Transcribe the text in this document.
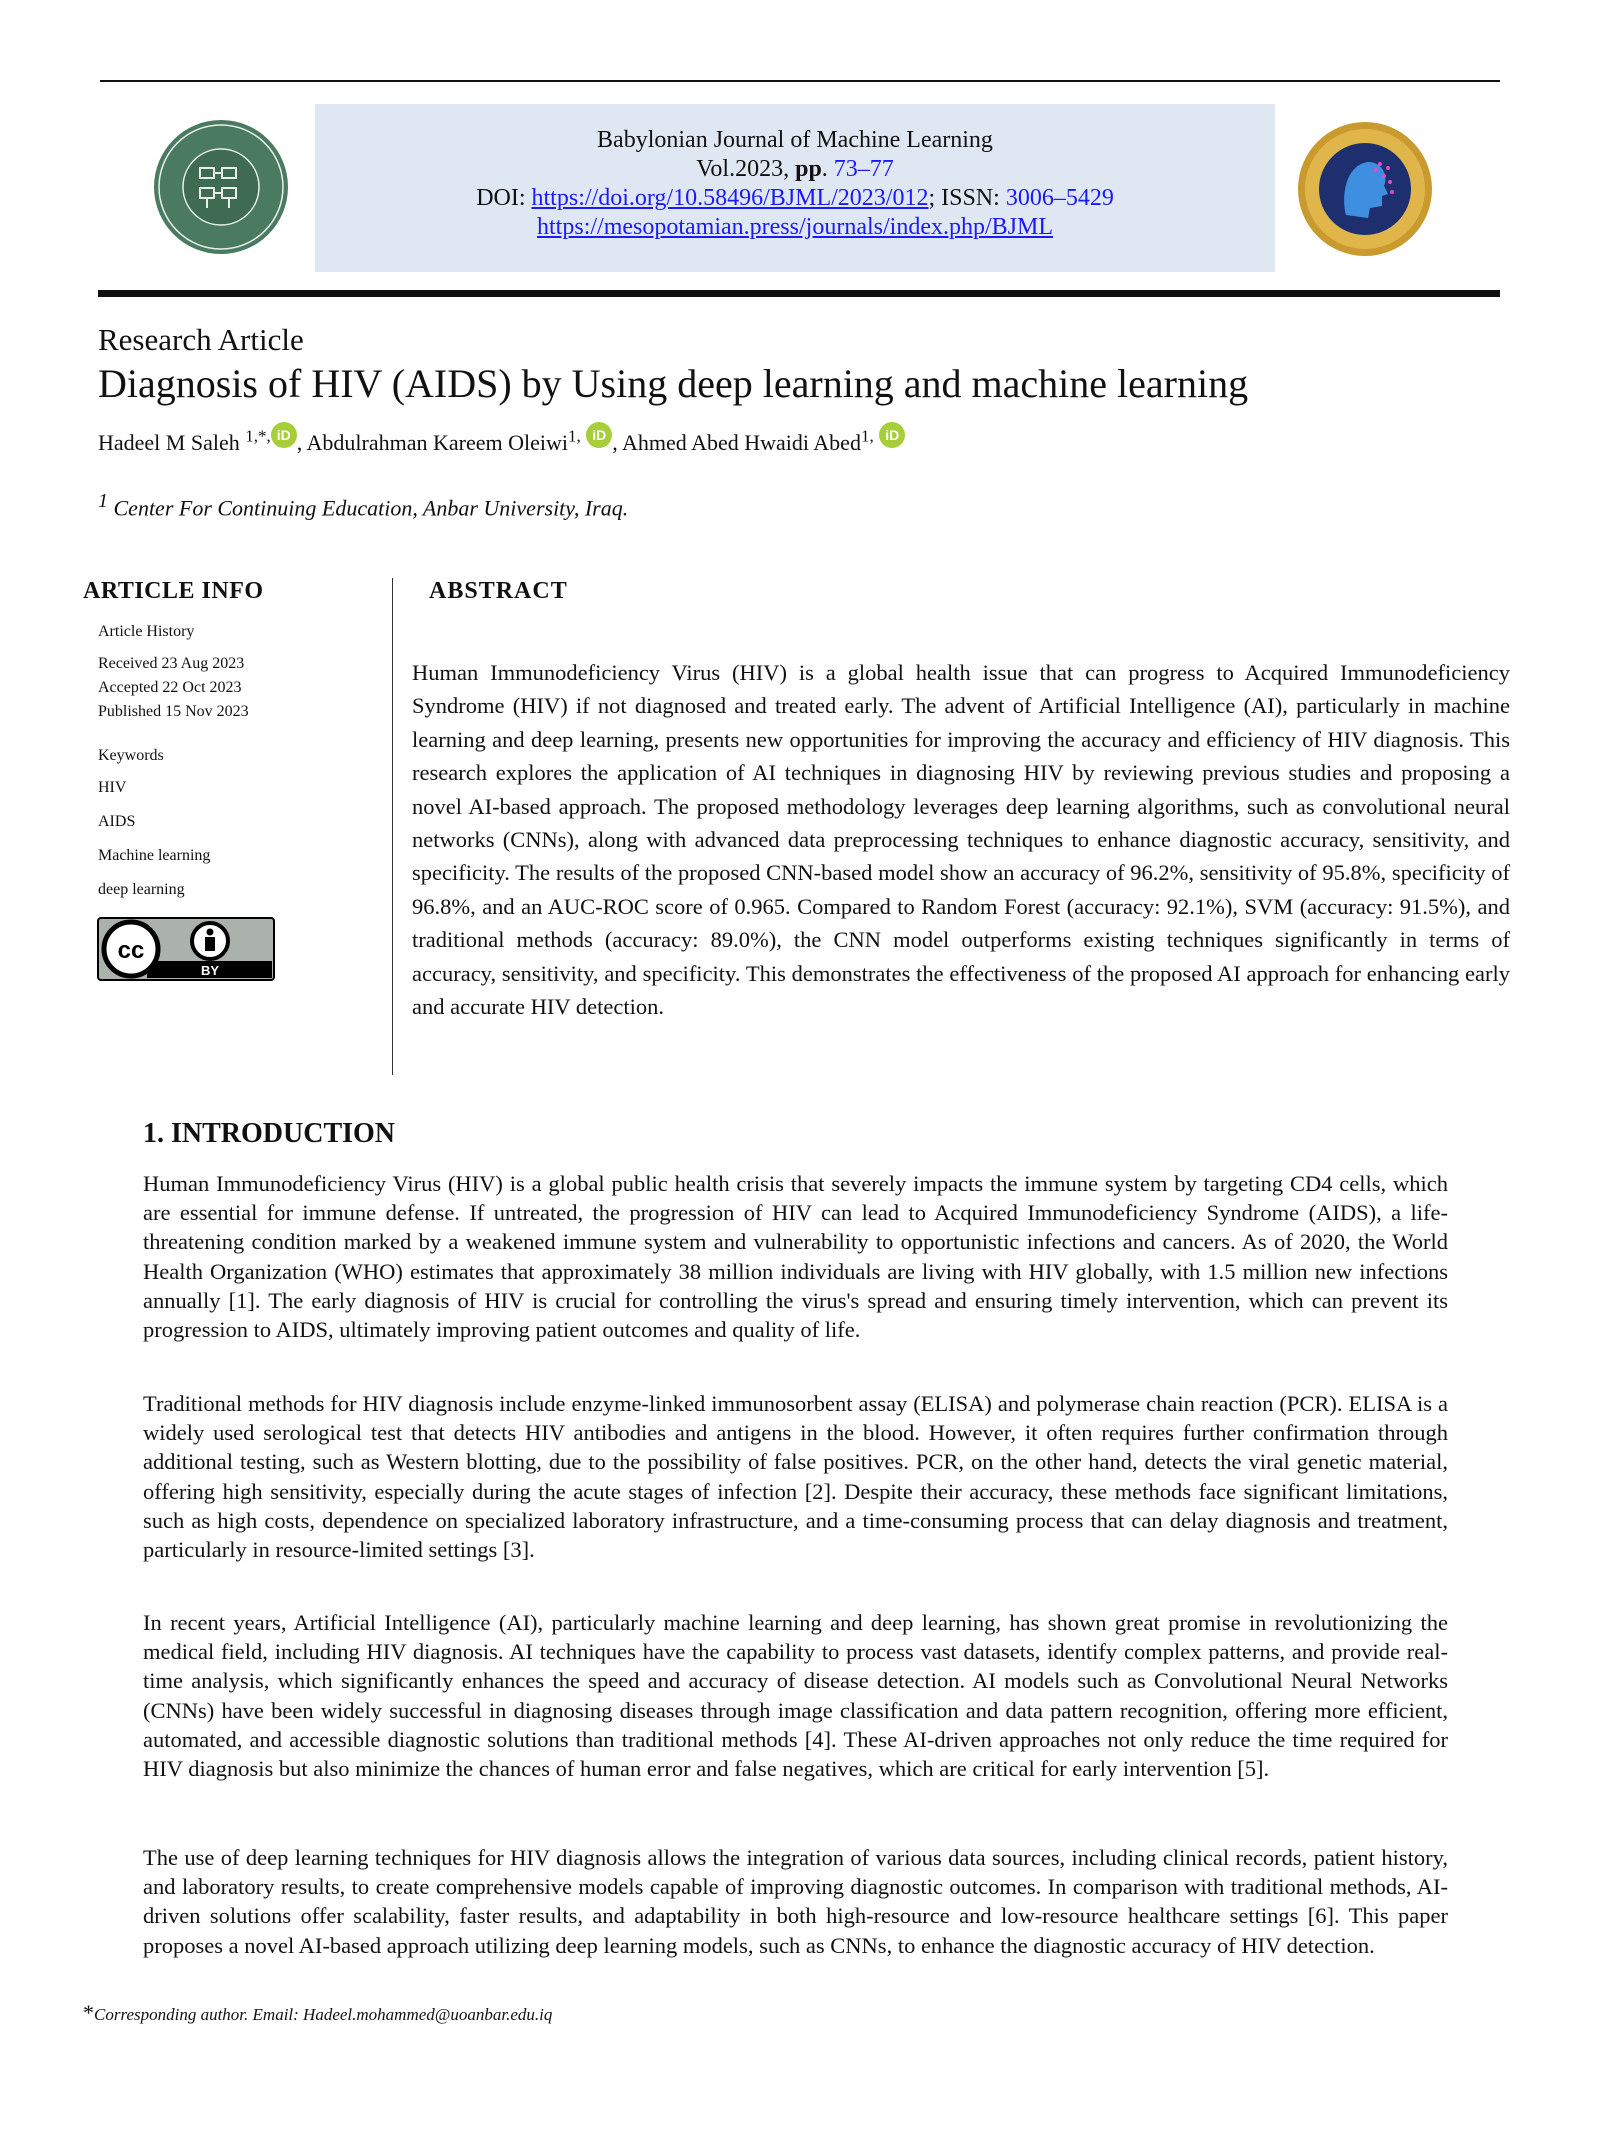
Babylonian Journal of Machine Learning
Vol.2023, pp. 73–77
DOI: https://doi.org/10.58496/BJML/2023/012; ISSN: 3006–5429
https://mesopotamian.press/journals/index.php/BJML
Research Article
Diagnosis of HIV (AIDS) by Using deep learning and machine learning
Hadeel M Saleh $^{1,*,}$ iD , Abdulrahman Kareem Oleiwi$^{1,}$ iD , Ahmed Abed Hwaidi Abed$^{1,}$ iD
$^1$ Center For Continuing Education, Anbar University, Iraq.
ARTICLE INFO
Article History
Received 23 Aug 2023
Accepted 22 Oct 2023
Published 15 Nov 2023
Keywords
HIV
AIDS
Machine learning
deep learning
cc
BY
ABSTRACT
Human Immunodeficiency Virus (HIV) is a global health issue that can progress to Acquired Immunodeficiency Syndrome (HIV) if not diagnosed and treated early. The advent of Artificial Intelligence (AI), particularly in machine learning and deep learning, presents new opportunities for improving the accuracy and efficiency of HIV diagnosis. This research explores the application of AI techniques in diagnosing HIV by reviewing previous studies and proposing a novel AI-based approach. The proposed methodology leverages deep learning algorithms, such as convolutional neural networks (CNNs), along with advanced data preprocessing techniques to enhance diagnostic accuracy, sensitivity, and specificity. The results of the proposed CNN-based model show an accuracy of 96.2%, sensitivity of 95.8%, specificity of 96.8%, and an AUC-ROC score of 0.965. Compared to Random Forest (accuracy: 92.1%), SVM (accuracy: 91.5%), and traditional methods (accuracy: 89.0%), the CNN model outperforms existing techniques significantly in terms of accuracy, sensitivity, and specificity. This demonstrates the effectiveness of the proposed AI approach for enhancing early and accurate HIV detection.
1. INTRODUCTION
Human Immunodeficiency Virus (HIV) is a global public health crisis that severely impacts the immune system by targeting CD4 cells, which are essential for immune defense. If untreated, the progression of HIV can lead to Acquired Immunodeficiency Syndrome (AIDS), a life-threatening condition marked by a weakened immune system and vulnerability to opportunistic infections and cancers. As of 2020, the World Health Organization (WHO) estimates that approximately 38 million individuals are living with HIV globally, with 1.5 million new infections annually [1]. The early diagnosis of HIV is crucial for controlling the virus's spread and ensuring timely intervention, which can prevent its progression to AIDS, ultimately improving patient outcomes and quality of life.
Traditional methods for HIV diagnosis include enzyme-linked immunosorbent assay (ELISA) and polymerase chain reaction (PCR). ELISA is a widely used serological test that detects HIV antibodies and antigens in the blood. However, it often requires further confirmation through additional testing, such as Western blotting, due to the possibility of false positives. PCR, on the other hand, detects the viral genetic material, offering high sensitivity, especially during the acute stages of infection [2]. Despite their accuracy, these methods face significant limitations, such as high costs, dependence on specialized laboratory infrastructure, and a time-consuming process that can delay diagnosis and treatment, particularly in resource-limited settings [3].
In recent years, Artificial Intelligence (AI), particularly machine learning and deep learning, has shown great promise in revolutionizing the medical field, including HIV diagnosis. AI techniques have the capability to process vast datasets, identify complex patterns, and provide real-time analysis, which significantly enhances the speed and accuracy of disease detection. AI models such as Convolutional Neural Networks (CNNs) have been widely successful in diagnosing diseases through image classification and data pattern recognition, offering more efficient, automated, and accessible diagnostic solutions than traditional methods [4]. These AI-driven approaches not only reduce the time required for HIV diagnosis but also minimize the chances of human error and false negatives, which are critical for early intervention [5].
The use of deep learning techniques for HIV diagnosis allows the integration of various data sources, including clinical records, patient history, and laboratory results, to create comprehensive models capable of improving diagnostic outcomes. In comparison with traditional methods, AI-driven solutions offer scalability, faster results, and adaptability in both high-resource and low-resource healthcare settings [6]. This paper proposes a novel AI-based approach utilizing deep learning models, such as CNNs, to enhance the diagnostic accuracy of HIV detection.
*Corresponding author. Email: Hadeel.mohammed@uoanbar.edu.iq
